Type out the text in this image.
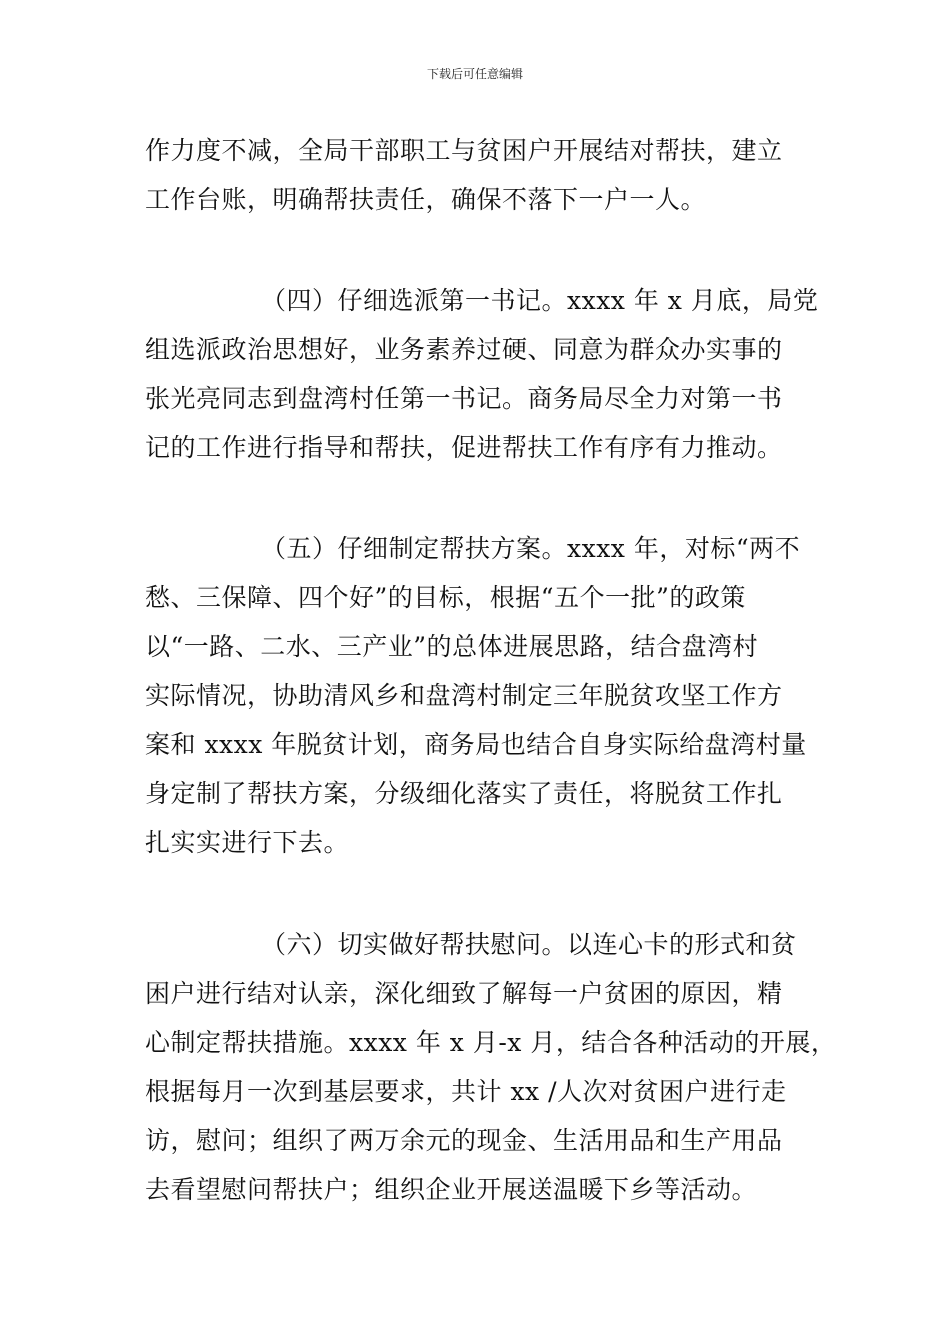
下载后可任意编辑
作力度不减，全局干部职工与贫困户开展结对帮扶，建立
工作台账，明确帮扶责任，确保不落下一户一人。
（四）仔细选派第一书记。xxxx 年 x 月底，局党
组选派政治思想好，业务素养过硬、同意为群众办实事的
张光亮同志到盘湾村任第一书记。商务局尽全力对第一书
记的工作进行指导和帮扶，促进帮扶工作有序有力推动。
（五）仔细制定帮扶方案。xxxx 年，对标“两不
愁、三保障、四个好”的目标，根据“五个一批”的政策
以“一路、二水、三产业”的总体进展思路，结合盘湾村
实际情况，协助清风乡和盘湾村制定三年脱贫攻坚工作方
案和 xxxx 年脱贫计划，商务局也结合自身实际给盘湾村量
身定制了帮扶方案，分级细化落实了责任，将脱贫工作扎
扎实实进行下去。
（六）切实做好帮扶慰问。以连心卡的形式和贫
困户进行结对认亲，深化细致了解每一户贫困的原因，精
心制定帮扶措施。xxxx 年 x 月-x 月，结合各种活动的开展，
根据每月一次到基层要求，共计 xx /人次对贫困户进行走
访，慰问；组织了两万余元的现金、生活用品和生产用品
去看望慰问帮扶户；组织企业开展送温暖下乡等活动。
